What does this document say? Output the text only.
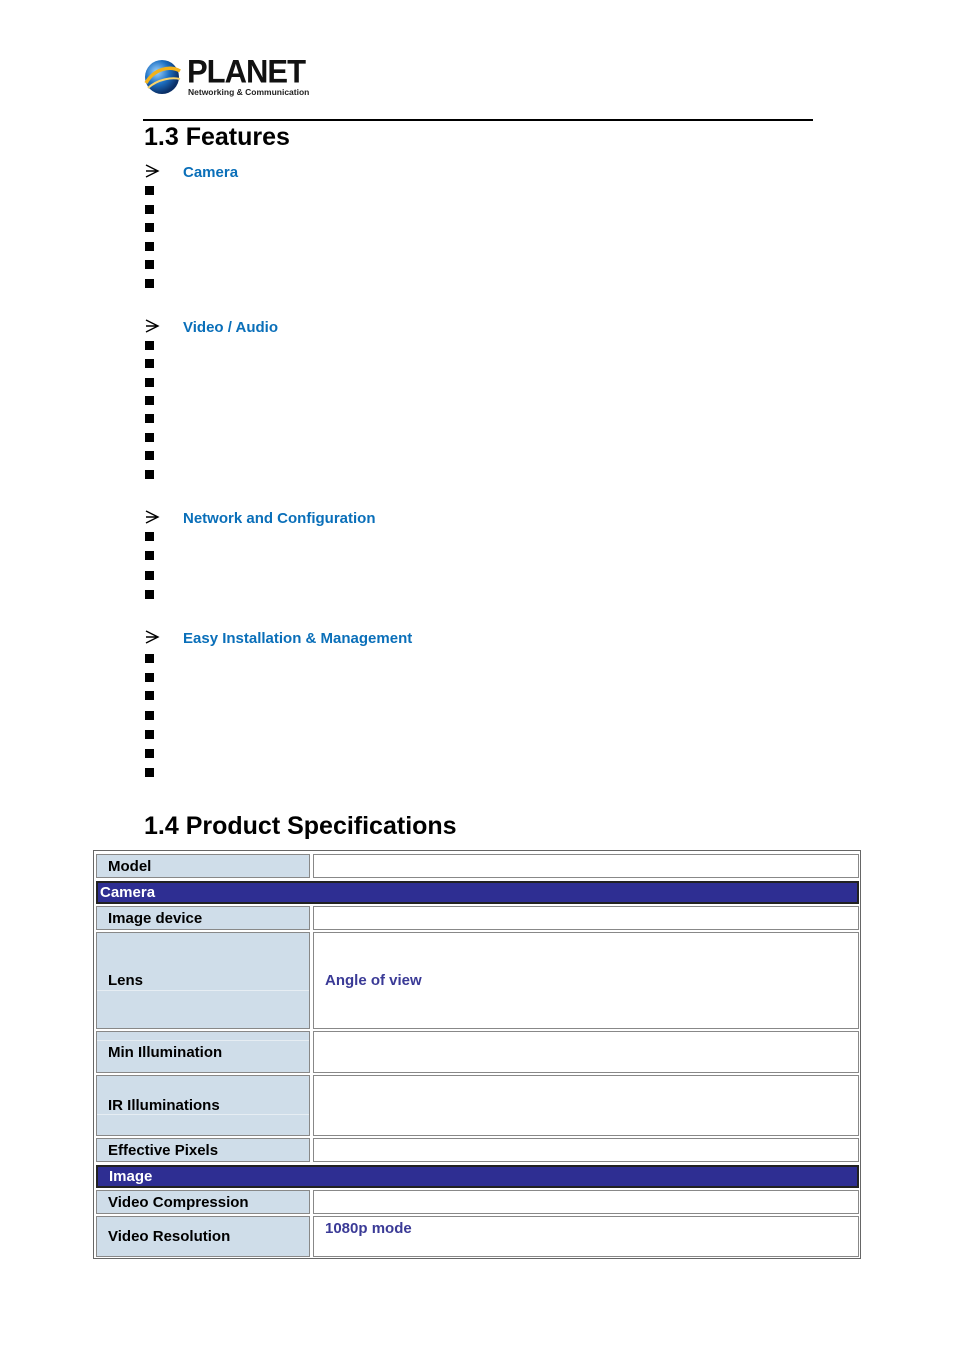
PLANET
Networking & Communication
1.3 Features
Camera
Video / Audio
Network and Configuration
Easy Installation & Management
1.4 Product Specifications
Model
Camera
Image device
Lens	Angle of view
Min Illumination
IR Illuminations
Effective Pixels
Image
Video Compression
Video Resolution	1080p mode
